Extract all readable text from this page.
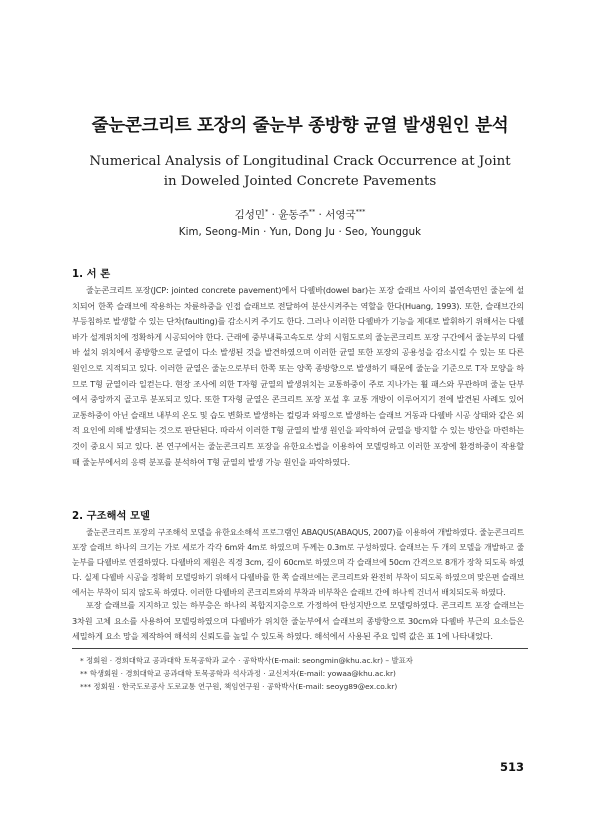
줄눈콘크리트 포장의 줄눈부 종방향 균열 발생원인 분석
Numerical Analysis of Longitudinal Crack Occurrence at Joint
in Doweled Jointed Concrete Pavements
김성민* · 윤동주** · 서영국***
Kim, Seong-Min · Yun, Dong Ju · Seo, Youngguk
1. 서 론

줄눈콘크리트 포장(JCP: jointed concrete pavement)에서 다웰바(dowel bar)는 포장 슬래브 사이의 불연속면인 줄눈에 설치되어 한쪽 슬래브에 작용하는 차륜하중을 인접 슬래브로 전달하여 분산시켜주는 역할을 한다(Huang, 1993). 또한, 슬래브간의 부등침하로 발생할 수 있는 단차(faulting)를 감소시켜 주기도 한다. 그러나 이러한 다웰바가 기능을 제대로 발휘하기 위해서는 다웰바가 설계위치에 정확하게 시공되어야 한다. 근래에 중부내륙고속도로 상의 시험도로의 줄눈콘크리트 포장 구간에서 줄눈부의 다웰바 설치 위치에서 종방향으로 균열이 다소 발생된 것을 발견하였으며 이러한 균열 또한 포장의 공용성을 감소시킬 수 있는 또 다른 원인으로 지적되고 있다. 이러한 균열은 줄눈으로부터 한쪽 또는 양쪽 종방향으로 발생하기 때문에 줄눈을 기준으로 T자 모양을 하므로 T형 균열이라 일컫는다. 현장 조사에 의한 T자형 균열의 발생위치는 교통하중이 주로 지나가는 휠 패스와 무관하며 줄눈 단부에서 중앙까지 골고루 분포되고 있다. 또한 T자형 균열은 콘크리트 포장 포설 후 교통 개방이 이루어지기 전에 발견된 사례도 있어 교통하중이 아닌 슬래브 내부의 온도 및 습도 변화로 발생하는 컬링과 와핑으로 발생하는 슬래브 거동과 다웰바 시공 상태와 같은 외적 요인에 의해 발생되는 것으로 판단된다. 따라서 이러한 T형 균열의 발생 원인을 파악하여 균열을 방지할 수 있는 방안을 마련하는 것이 중요시 되고 있다. 본 연구에서는 줄눈콘크리트 포장을 유한요소법을 이용하여 모델링하고 이러한 포장에 환경하중이 작용할 때 줄눈부에서의 응력 분포를 분석하여 T형 균열의 발생 가능 원인을 파악하였다.

2. 구조해석 모델

줄눈콘크리트 포장의 구조해석 모델을 유한요소해석 프로그램인 ABAQUS(ABAQUS, 2007)를 이용하여 개발하였다. 줄눈콘크리트 포장 슬래브 하나의 크기는 가로 세로가 각각 6m와 4m로 하였으며 두께는 0.3m로 구성하였다. 슬래브는 두 개의 모델을 개발하고 줄눈부를 다웰바로 연결하였다. 다웰바의 제원은 직경 3cm, 길이 60cm로 하였으며 각 슬래브에 50cm 간격으로 8개가 장착 되도록 하였다. 실제 다웰바 시공을 정확히 모델링하기 위해서 다웰바를 한 쪽 슬래브에는 콘크리트와 완전히 부착이 되도록 하였으며 맞은편 슬래브에서는 부착이 되지 않도록 하였다. 이러한 다웰바의 콘크리트와의 부착과 비부착은 슬래브 간에 하나씩 건너서 배치되도록 하였다.

포장 슬래브를 지지하고 있는 하부층은 하나의 복합지지층으로 가정하여 탄성지반으로 모델링하였다. 콘크리트 포장 슬래브는 3차원 고체 요소를 사용하여 모델링하였으며 다웰바가 위치한 줄눈부에서 슬래브의 종방향으로 30cm와 다웰바 부근의 요소들은 세밀하게 요소 망을 제작하여 해석의 신뢰도를 높일 수 있도록 하였다. 해석에서 사용된 주요 입력 값은 표 1에 나타내었다.

* 정회원 · 경희대학교 공과대학 토목공학과 교수 · 공학박사(E-mail: seongmin@khu.ac.kr) – 발표자
** 학생회원 · 경희대학교 공과대학 토목공학과 석사과정 · 교신저자(E-mail: yowaa@khu.ac.kr)
*** 정회원 · 한국도로공사 도로교통 연구원, 책임연구원 · 공학박사(E-mail: seoyg89@ex.co.kr)
513
